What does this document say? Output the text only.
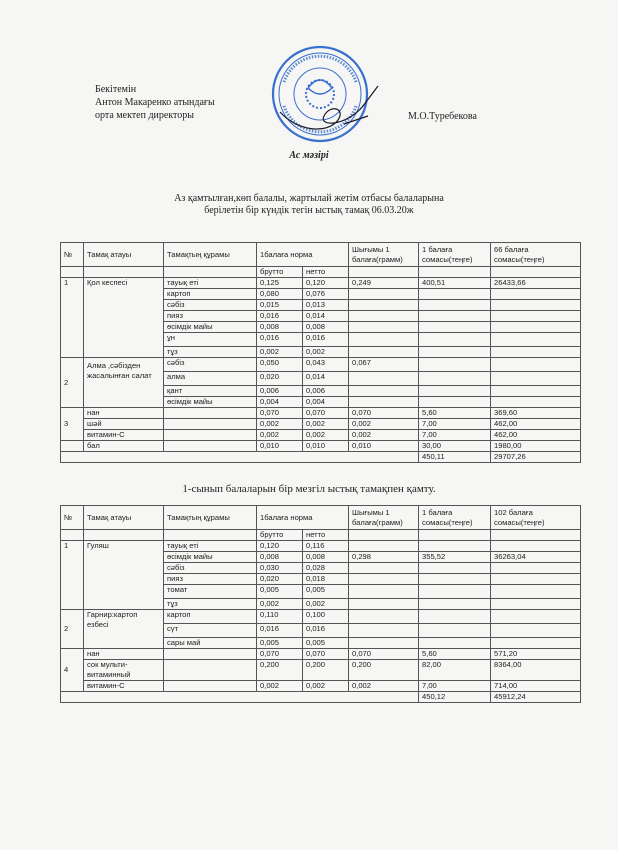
Бекітемін
Антон Макаренко атындағы
орта мектеп директоры	М.О.Туребекова
Ас мәзірі
Аз қамтылған,көп балалы, жартылай жетім отбасы балаларына
берілетін бір күндік тегін ыстық тамақ 06.03.20ж
№	Тамақ атауы	Тамақтың құрамы	1балаға норма		Шығымы 1 балаға(грамм)	1 балаға сомасы(теңге)	66 балаға сомасы(теңге)
			брутто	нетто			
1	Қол кеспесі	тауық еті	0,125	0,120	0,249	400,51	26433,66
		картоп	0,080	0,076			
		сәбіз	0,015	0,013			
		пияз	0,016	0,014			
		өсімдік майы	0,008	0,008			
		ұн	0,016	0,016			
		тұз	0,002	0,002			
2	Алма ,сәбізден жасалынған салат	сәбіз	0,050	0,043	0,067		
		алма	0,020	0,014			
		қант	0,006	0,006			
		өсімдік майы	0,004	0,004			
3	нан		0,070	0,070	0,070	5,60	369,60
	шәй		0,002	0,002	0,002	7,00	462,00
	витамин-С		0,002	0,002	0,002	7,00	462,00
	бал		0,010	0,010	0,010	30,00	1980,00
						450,11	29707,26
1-сынып балаларын бір мезгіл ыстық тамақпен қамту.
№	Тамақ атауы	Тамақтың құрамы	1балаға норма		Шығымы 1 балаға(грамм)	1 балаға сомасы(теңге)	102 балаға сомасы(теңге)
			брутто	нетто			
1	Гуляш	тауық еті	0,120	0,116			
		өсімдік майы	0,008	0,008	0,298	355,52	36263,04
		сәбіз	0,030	0,028			
		пияз	0,020	0,018			
		томат	0,005	0,005			
		тұз	0,002	0,002			
2	Гарнир:картоп езбесі	картоп	0,110	0,100			
		сүт	0,016	0,016			
		сары май	0,005	0,005			
4	нан		0,070	0,070	0,070	5,60	571,20
	сок мульти-витаминный		0,200	0,200	0,200	82,00	8364,00
	витамин-С		0,002	0,002	0,002	7,00	714,00
						450,12	45912,24
